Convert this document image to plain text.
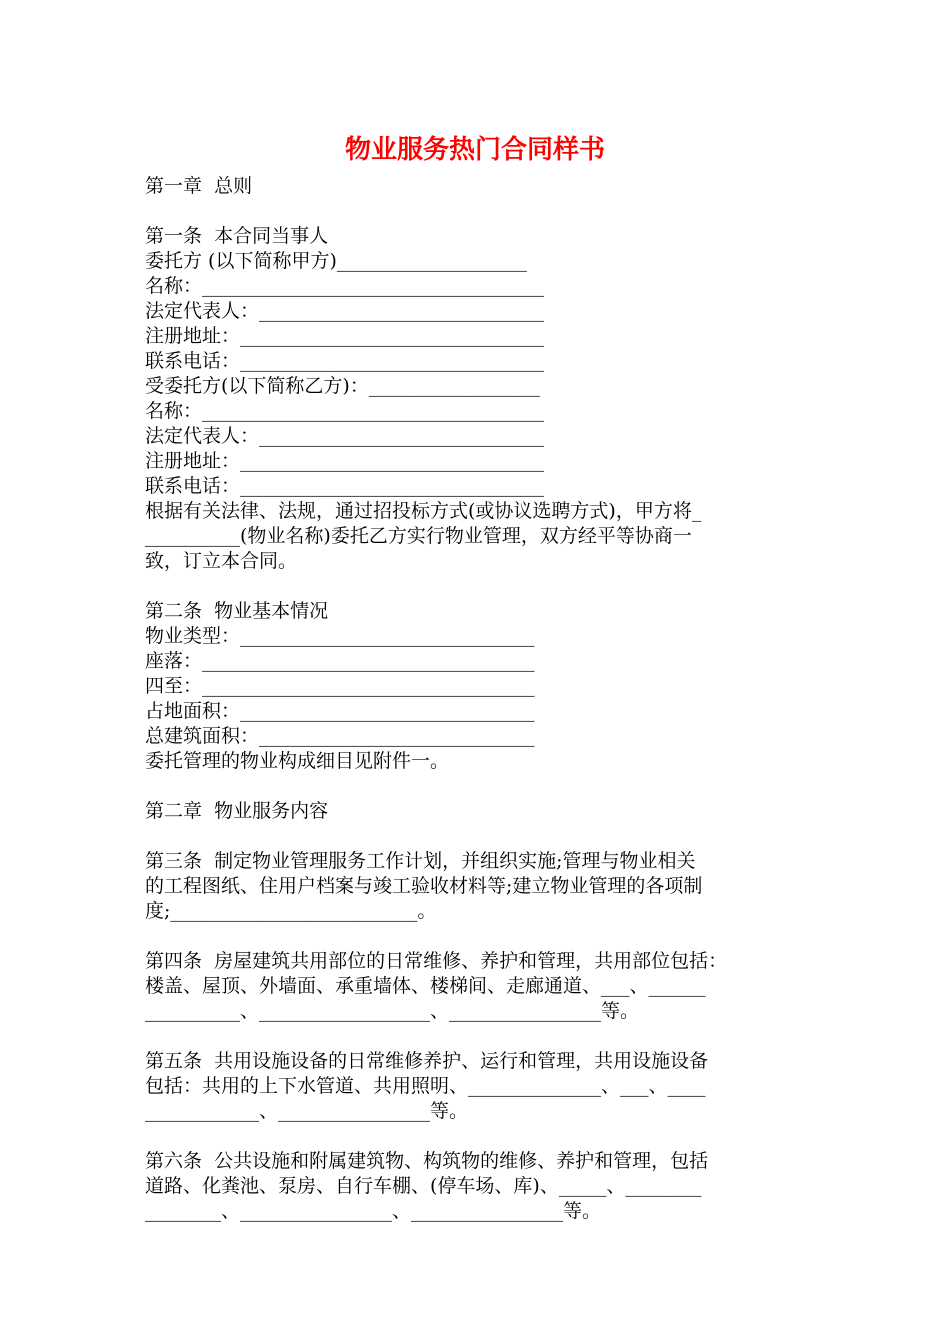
物业服务热门合同样书

第一章  总则

第一条  本合同当事人

委托方 (以下简称甲方)____________________

名称：____________________________________

法定代表人：______________________________

注册地址：________________________________

联系电话：________________________________

受委托方(以下简称乙方)：__________________

名称：____________________________________

法定代表人：______________________________

注册地址：________________________________

联系电话：________________________________

根据有关法律、法规，通过招投标方式(或协议选聘方式)，甲方将_

__________(物业名称)委托乙方实行物业管理，双方经平等协商一

致，订立本合同。

第二条  物业基本情况

物业类型：_______________________________

座落：___________________________________

四至：___________________________________

占地面积：_______________________________

总建筑面积：_____________________________

委托管理的物业构成细目见附件一。

第二章  物业服务内容

第三条  制定物业管理服务工作计划，并组织实施;管理与物业相关

的工程图纸、住用户档案与竣工验收材料等;建立物业管理的各项制

度;__________________________。

第四条  房屋建筑共用部位的日常维修、养护和管理，共用部位包括：

楼盖、屋顶、外墙面、承重墙体、楼梯间、走廊通道、___、______

__________、__________________、________________等。

第五条  共用设施设备的日常维修养护、运行和管理，共用设施设备

包括：共用的上下水管道、共用照明、______________、___、____

____________、________________等。

第六条  公共设施和附属建筑物、构筑物的维修、养护和管理，包括

道路、化粪池、泵房、自行车棚、(停车场、库)、_____、________

________、________________、________________等。
